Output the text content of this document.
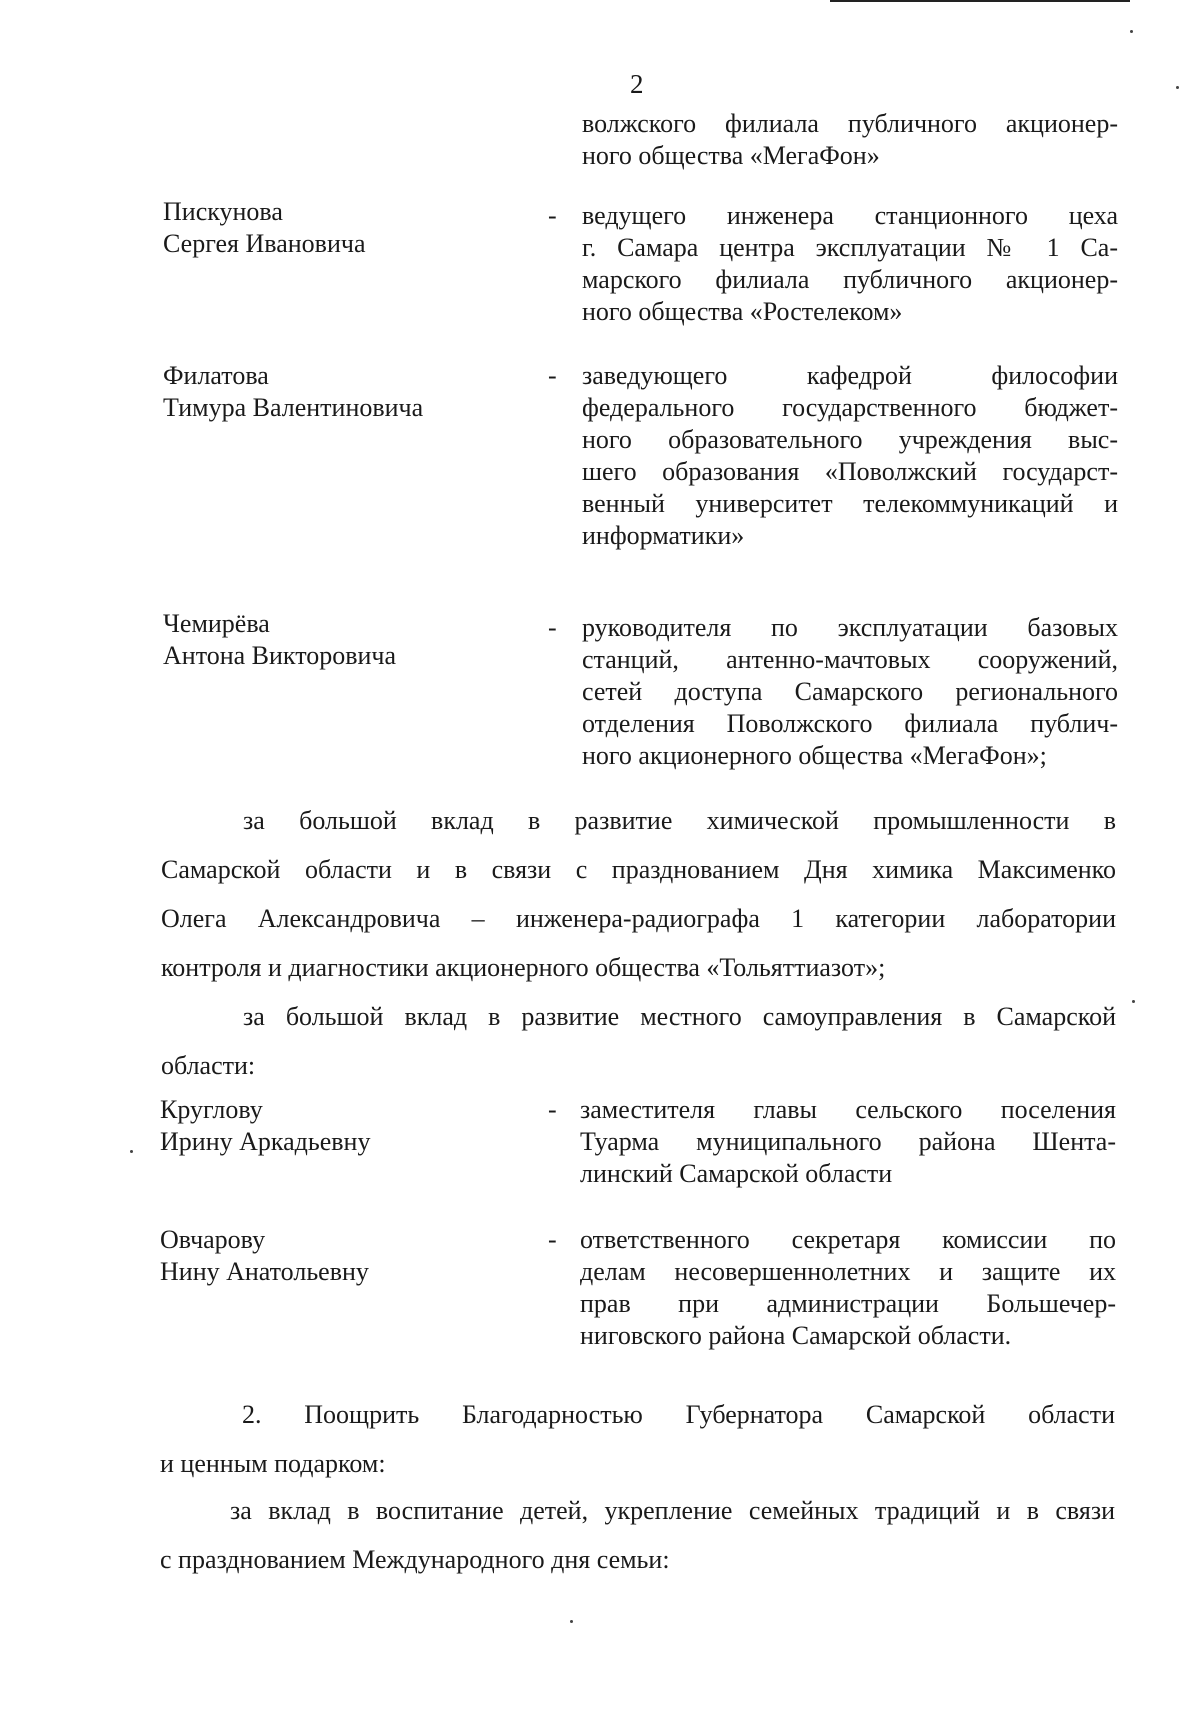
2
волжского филиала публичного акционер-
ного общества «МегаФон»
Пискунова
Сергея Ивановича
- ведущего инженера станционного цеха
г. Самара центра эксплуатации № 1 Са-
марского филиала публичного акционер-
ного общества «Ростелеком»
Филатова
Тимура Валентиновича
- заведующего кафедрой философии
федерального государственного бюджет-
ного образовательного учреждения выс-
шего образования «Поволжский государст-
венный университет телекоммуникаций и
информатики»
Чемирёва
Антона Викторовича
- руководителя по эксплуатации базовых
станций, антенно-мачтовых сооружений,
сетей доступа Самарского регионального
отделения Поволжского филиала публич-
ного акционерного общества «МегаФон»;
за большой вклад в развитие химической промышленности в
Самарской области и в связи с празднованием Дня химика Максименко
Олега Александровича – инженера-радиографа 1 категории лаборатории
контроля и диагностики акционерного общества «Тольяттиазот»;
за большой вклад в развитие местного самоуправления в Самарской
области:
Круглову
Ирину Аркадьевну
- заместителя главы сельского поселения
Туарма муниципального района Шента-
линский Самарской области
Овчарову
Нину Анатольевну
- ответственного секретаря комиссии по
делам несовершеннолетних и защите их
прав при администрации Большечер-
ниговского района Самарской области.
2. Поощрить Благодарностью Губернатора Самарской области
и ценным подарком:
за вклад в воспитание детей, укрепление семейных традиций и в связи
с празднованием Международного дня семьи:
